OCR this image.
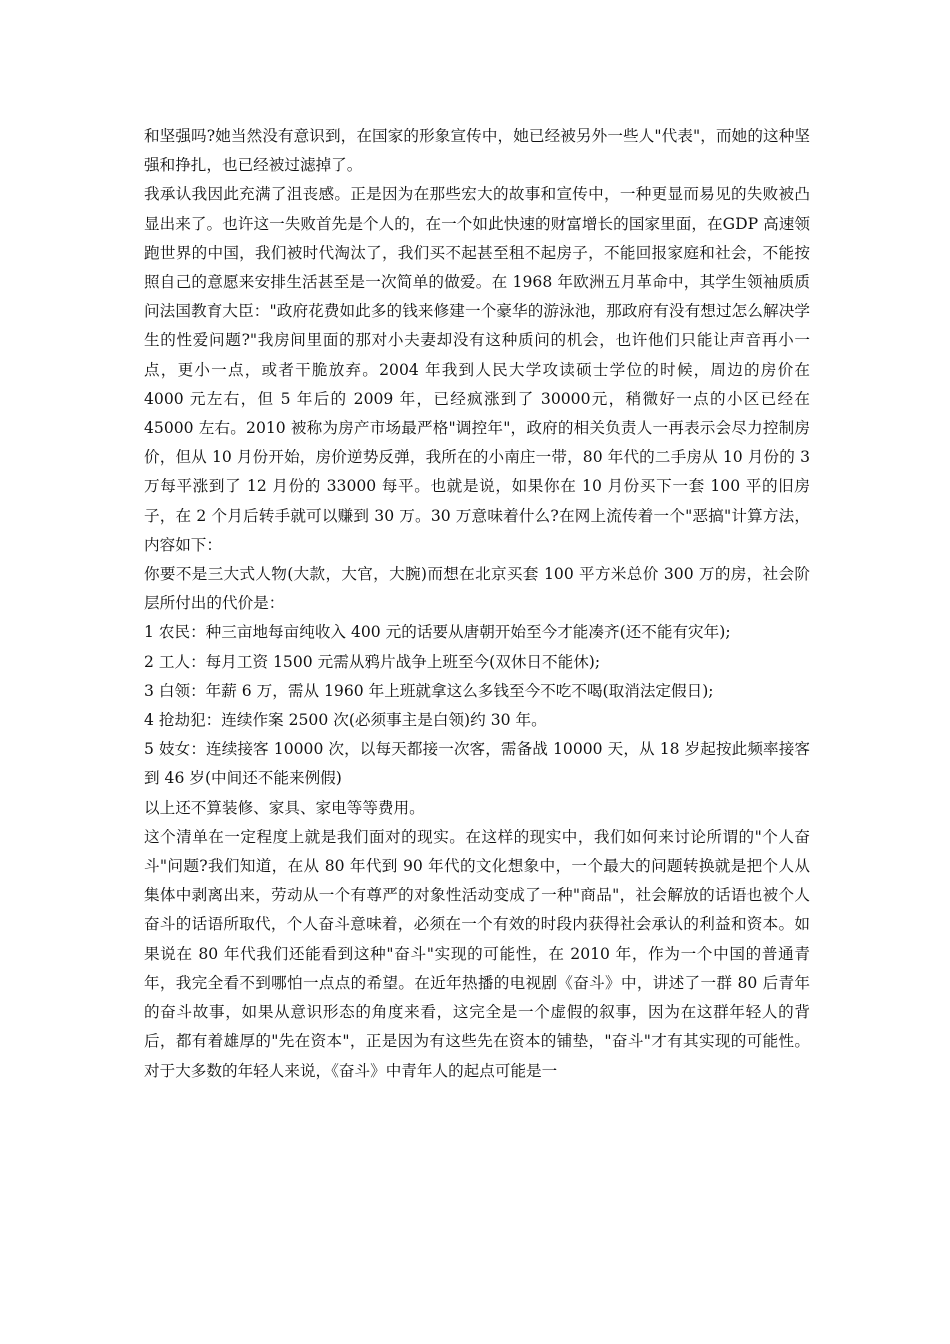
和坚强吗?她当然没有意识到，在国家的形象宣传中，她已经被另外一些人"代表"，而她的这种坚强和挣扎，也已经被过滤掉了。

我承认我因此充满了沮丧感。正是因为在那些宏大的故事和宣传中，一种更显而易见的失败被凸显出来了。也许这一失败首先是个人的，在一个如此快速的财富增长的国家里面，在GDP 高速领跑世界的中国，我们被时代淘汰了，我们买不起甚至租不起房子，不能回报家庭和社会，不能按照自己的意愿来安排生活甚至是一次简单的做爱。在 1968 年欧洲五月革命中，其学生领袖质质问法国教育大臣："政府花费如此多的钱来修建一个豪华的游泳池，那政府有没有想过怎么解决学生的性爱问题?"我房间里面的那对小夫妻却没有这种质问的机会，也许他们只能让声音再小一点，更小一点，或者干脆放弃。2004 年我到人民大学攻读硕士学位的时候，周边的房价在 4000 元左右，但 5 年后的 2009 年，已经疯涨到了 30000元，稍微好一点的小区已经在 45000 左右。2010 被称为房产市场最严格"调控年"，政府的相关负责人一再表示会尽力控制房价，但从 10 月份开始，房价逆势反弹，我所在的小南庄一带，80 年代的二手房从 10 月份的 3 万每平涨到了 12 月份的 33000 每平。也就是说，如果你在 10 月份买下一套 100 平的旧房子，在 2 个月后转手就可以赚到 30 万。30 万意味着什么?在网上流传着一个"恶搞"计算方法，内容如下：

你要不是三大式人物(大款，大官，大腕)而想在北京买套 100 平方米总价 300 万的房，社会阶层所付出的代价是：

1 农民：种三亩地每亩纯收入 400 元的话要从唐朝开始至今才能凑齐(还不能有灾年);

2 工人：每月工资 1500 元需从鸦片战争上班至今(双休日不能休);

3 白领：年薪 6 万，需从 1960 年上班就拿这么多钱至今不吃不喝(取消法定假日);

4 抢劫犯：连续作案 2500 次(必须事主是白领)约 30 年。

5 妓女：连续接客 10000 次，以每天都接一次客，需备战 10000 天，从 18 岁起按此频率接客到 46 岁(中间还不能来例假)

以上还不算装修、家具、家电等等费用。

这个清单在一定程度上就是我们面对的现实。在这样的现实中，我们如何来讨论所谓的"个人奋斗"问题?我们知道，在从 80 年代到 90 年代的文化想象中，一个最大的问题转换就是把个人从集体中剥离出来，劳动从一个有尊严的对象性活动变成了一种"商品"，社会解放的话语也被个人奋斗的话语所取代，个人奋斗意味着，必须在一个有效的时段内获得社会承认的利益和资本。如果说在 80 年代我们还能看到这种"奋斗"实现的可能性，在 2010 年，作为一个中国的普通青年，我完全看不到哪怕一点点的希望。在近年热播的电视剧《奋斗》中，讲述了一群 80 后青年的奋斗故事，如果从意识形态的角度来看，这完全是一个虚假的叙事，因为在这群年轻人的背后，都有着雄厚的"先在资本"，正是因为有这些先在资本的铺垫，"奋斗"才有其实现的可能性。对于大多数的年轻人来说，《奋斗》中青年人的起点可能是一
